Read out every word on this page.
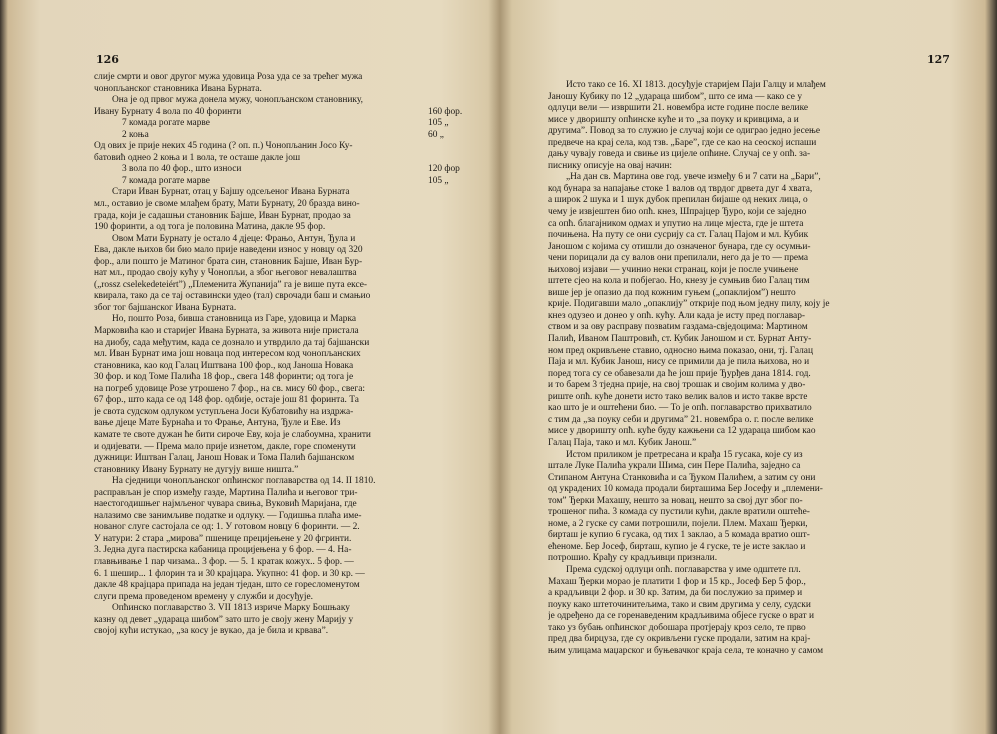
126
слије смрти и овог другог мужа удовица Роза уда се за трећег мужа
чонопљанског становника Ивана Бурната.
Она је од првог мужа донела мужу, чонопљанском становнику,
Ивану Бурнату 4 вола по 40 форинти	160 фор.
7 комада рогате марве	105 „
2 коња	60 „
Од ових је прије некиx 45 година (? оп. п.) Чонопљанин Јосо Ку-
батовић однео 2 коња и 1 вола, те осташе дакле још
3 вола по 40 фор., што износи	120 фор
7 комада рогате марве	105 „
Стари Иван Бурнат, отац у Бајшу одсељеног Ивана Бурната
мл., оставио је своме млађем брату, Мати Бурнату, 20 бразда вино-
града, који је садашњи становник Бајше, Иван Бурнат, продао за
190 форинти, а од тога је половина Матина, дакле 95 фор.
Овом Мати Бурнату је остало 4 дјеце: Фрањо, Антун, Ђула и
Ева, дакле њихов би био мало прије наведени износ у новцу од 320
фор., али пошто је Матиног брата син, становник Бајше, Иван Бур-
нат мл., продао своју кућу у Чонопљи, а због његовог невалаштва
(„rossz cselekedeteiért”) „Племенита Жупанија” га је више пута ексе-
квирала, тако да се тај оставински удео (тал) сврочади баш и смањио
због тог бајшанског Ивана Бурната.
Но, пошто Роза, бивша становница из Гаре, удовица и Марка
Марковића као и старијег Ивана Бурната, за живота није пристала
на диобу, сада међутим, када се дознало и утврдило да тај бајшански
мл. Иван Бурнат има још новаца под интересом код чонопљанских
становника, као код Галац Иштвана 100 фор., код Јаноша Новака
30 фор. и код Томе Палића 18 фор., свега 148 форинти; од тога је
на погреб удовице Розе утрошено 7 фор., на св. мису 60 фор., свега:
67 фор., што када се од 148 фор. одбије, остаје још 81 форинта. Та
је свота судском одлуком уступљена Јоси Кубатовићу на издржа-
вање дјеце Мате Бурнаћа и то Фрање, Антуна, Ђуле и Еве. Из
камате те своте дужан ће бити сироче Еву, која је слабоумна, хранити
и одијевати. — Према мало прије изнетом, дакле, горе споменути
дужници: Иштван Галац, Јанош Новак и Тома Палић бајшанском
становнику Ивану Бурнату не дугују више ништа.”
На сједници чонопљанског опћинског поглаварства од 14. II 1810.
расправљан је спор између газде, Мартина Палића и његовог три-
наестогодишњег најмљеног чувара свиња, Вуковић Маријана, где
налазимо све занимљиве податке и одлуку. — Годишња плаћа име-
нованог слуге састојала се од: 1. У готовом новцу 6 форинти. — 2.
У натури: 2 стара „мирова” пшенице прецијењене у 20 фгринти.
3. Једна дуга пастирска кабаница процијењена у 6 фор. — 4. На-
главњивање 1 пар чизама.. 3 фор. — 5. 1 кратак кожух.. 5 фор. —
6. 1 шешир... 1 флорин та и 30 крајцара. Укупно: 41 фор. и 30 кр. —
дакле 48 крајцара припада на један тједан, што се горесломенутом
слуги према проведеном времену у служби и досуђује.
Опћинско поглаварство 3. VII 1813 изриче Марку Бошњаку
казну од девет „удараца шибом” зато што је своју жену Марију у
својој кући истукао, „за косу је вукао, да је била и крвава”.
127
Исто тако се 16. XI 1813. досуђује старијем Паји Галцу и млађем
Јаношу Кубику по 12 „ударацa шибом”, што се има — како се у
одлуци вели — извршити 21. новембра исте године после велике
мисе у дворишту опћинске куће и то „за поуку и кривцима, а и
другима”. Повод за то служио је случај који се одиграо једно јесење
предвече на крај села, код тзв. „Баре”, где се као на сеоској испаши
дању чувају говеда и свиње из цијеле опћине. Случај се у опћ. за-
писнику описује на овај начин:
„На дан св. Мартина ове год. увече између 6 и 7 сати на „Бари”,
код бунара за напајање стоке 1 валов од тврдог дрвета дуг 4 хвата,
а широк 2 шука и 1 шук дубок препилан бијаше од неких лица, о
чему је извјештен био опћ. кнез, Шпрајцер Ђуро, који се заједно
са опћ. благајником одмах и упутио на лице мјеста, где је штета
почињена. На путу се они сусрију са ст. Галац Пајом и мл. Кубик
Јаношом с којима су отишли до означеног бунара, где су осумњи-
чени порицали да су валов они препилали, него да је то — према
њиховој изјави — учинио неки странац, који је после учињене
штете сјео на кола и побјегао. Но, кнезу је сумњив био Галац тим
више јер је опазио да под кожним гуњем („опаклијом”) нешто
крије. Подигавши мало „опаклију” открије под њом једну пилу, коју је
кнез одузео и донео у опћ. кућу. Али када је исту пред поглавар-
ством и за ову расправу позвatим газдама-свједоцима: Мартином
Палић, Иваном Паштровић, ст. Кубик Јаношом и ст. Бурнат Анту-
ном пред окривљене ставио, односно њима показао, они, тј. Галац
Паја и мл. Кубик Јанош, нису се примили да је пила њихова, но и
поред тога су се обавезали да ће још прије Ђурђев дана 1814. год.
и то барем 3 тједна прије, на свој трошак и својим колима у дво-
риште опћ. куће донети исто тако велик валов и исто такве врсте
као што је и оштећени био. — То је опћ. поглаварство прихватило
с тим да „за поуку себи и другима” 21. новембра о. г. после велике
мисе у дворишту опћ. куће буду кажњени са 12 ударацa шибом као
Галац Паја, тако и мл. Кубик Јанош.”
Истом приликом је претресана и крађа 15 гусака, које су из
штале Луке Палића украли Шима, син Пере Палића, заједно са
Стипаном Антуна Станковића и са Ђуком Палићем, а затим су они
од украдених 10 комада продали бирташима Бер Јосефу и „племени-
том” Ђерки Махашу, нешто за новац, нешто за свој дуг због по-
трошеног пића. 3 комада су пустили кући, дакле вратили оштеће-
номе, а 2 гуске су сами потрошили, појели. Плем. Махаш Ђерки,
бирташ је купио 6 гусака, од тих 1 заклао, а 5 комада вратио ошт-
ећеноме. Бер Јосеф, бирташ, купио је 4 гуске, те је исте заклао и
потрошио. Крађу су крадљивци признали.
Према судској одлуци опћ. поглаварства у име одштете пл.
Махаш Ђерки морао је платити 1 фор и 15 кр., Јосеф Бер 5 фор.,
а крадљивци 2 фор. и 30 кр. Затим, да би послужио за пример и
поуку како штеточинитељима, тако и свим другима у селу, судски
је одређено да се горенаведеним крадљивима објесе гуске о врат и
тако уз бубањ опћинског добошара протјерају кроз село, те прво
пред два бирцуза, где су окривљени гуске продали, затим на крај-
њим улицама маџарског и буњевачког краја села, те коначно у самом
